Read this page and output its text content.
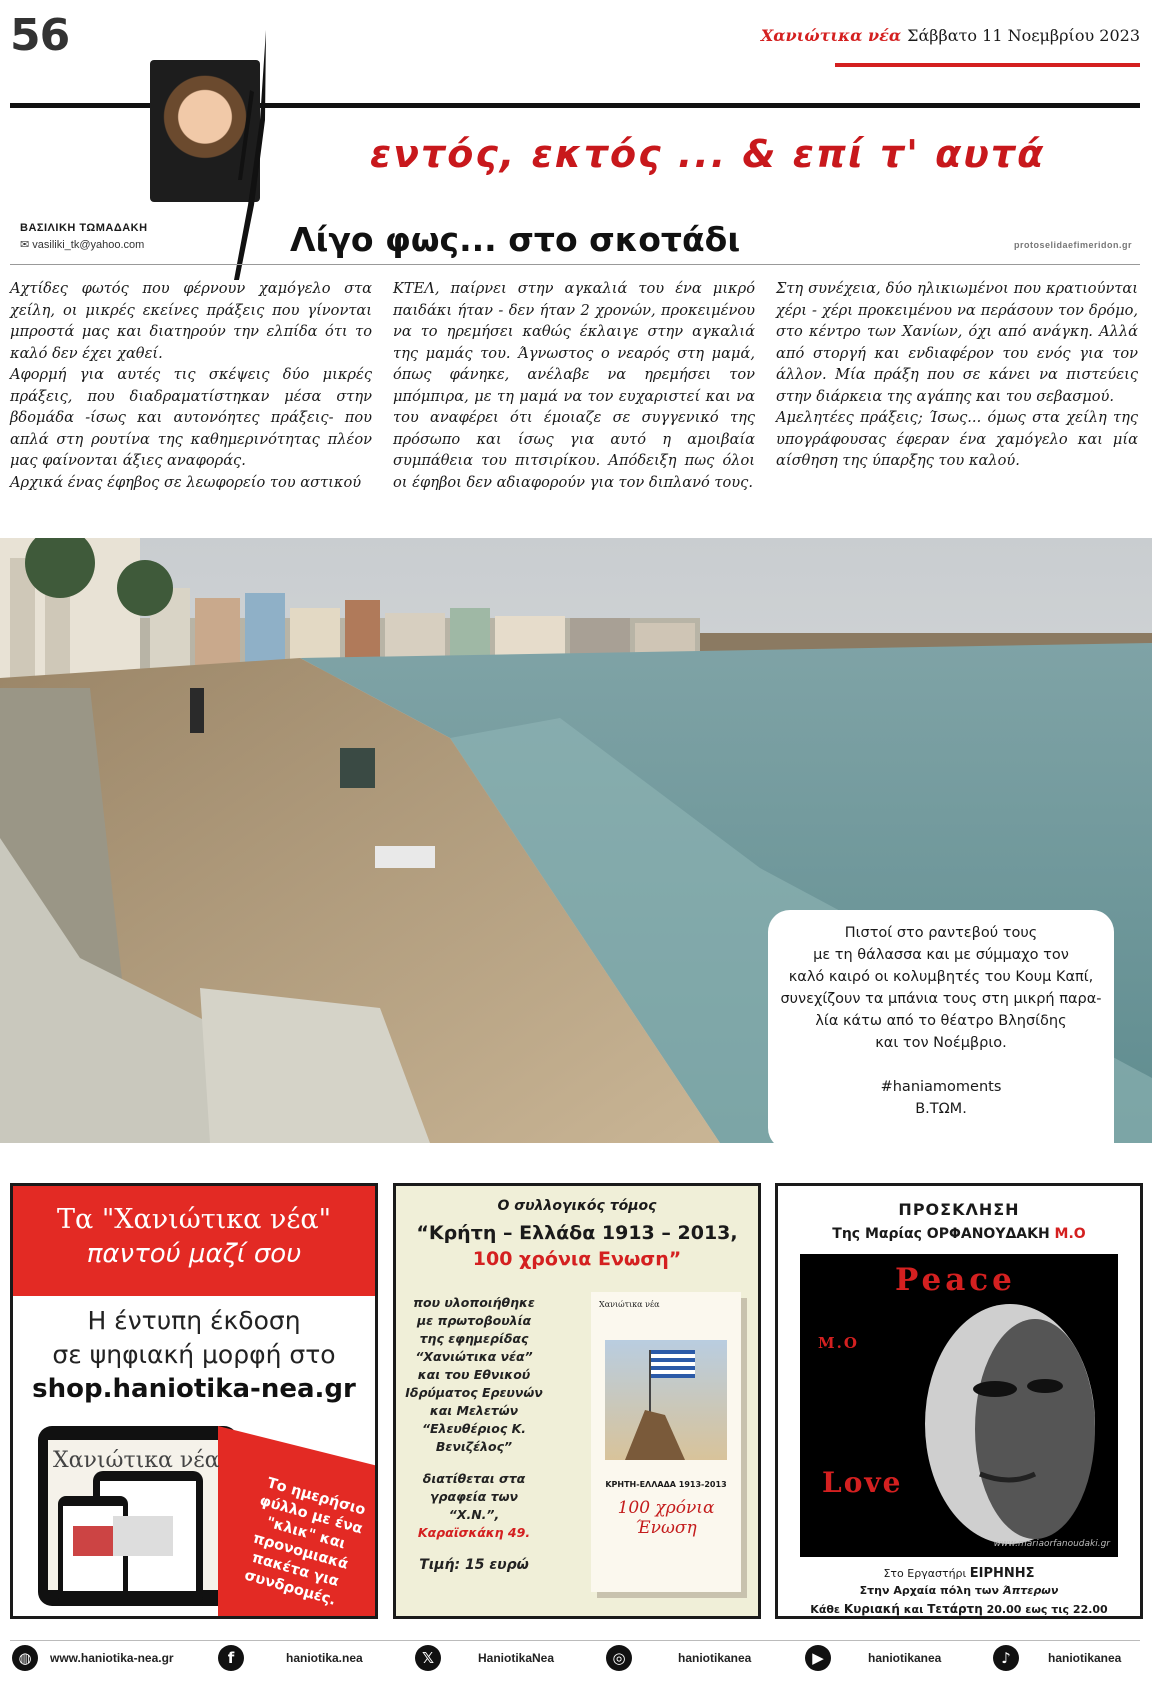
56	Χανιώτικα νέα Σάββατο 11 Νοεμβρίου 2023
εντός, εκτός ... & επί τ' αυτά
ΒΑΣΙΛΙΚΗ ΤΩΜΑΔΑΚΗ
✉ vasiliki_tk@yahoo.com	Λίγο φως... στο σκοτάδι	protoselidaefimeridon.gr

Αχτίδες φωτός που φέρνουν χαμόγελο στα χείλη, οι μικρές εκείνες πράξεις που γίνονται μπροστά μας και διατηρούν την ελπίδα ότι το καλό δεν έχει χαθεί.

Αφορμή για αυτές τις σκέψεις δύο μικρές πράξεις, που διαδραματίστηκαν μέσα στην βδομάδα -ίσως και αυτονόητες πράξεις- που απλά στη ρουτίνα της καθημερινότητας πλέον μας φαίνονται άξιες αναφοράς.

Αρχικά ένας έφηβος σε λεωφορείο του αστικού

ΚΤΕΛ, παίρνει στην αγκαλιά του ένα μικρό παιδάκι ήταν - δεν ήταν 2 χρονών, προκειμένου να το ηρεμήσει καθώς έκλαιγε στην αγκαλιά της μαμάς του. Άγνωστος ο νεαρός στη μαμά, όπως φάνηκε, ανέλαβε να ηρεμήσει τον μπόμπιρα, με τη μαμά να τον ευχαριστεί και να του αναφέρει ότι έμοιαζε σε συγγενικό της πρόσωπο και ίσως για αυτό η αμοιβαία συμπάθεια του πιτσιρίκου. Απόδειξη πως όλοι οι έφηβοι δεν αδιαφορούν για τον διπλανό τους.

Στη συνέχεια, δύο ηλικιωμένοι που κρατιούνται χέρι - χέρι προκειμένου να περάσουν τον δρόμο, στο κέντρο των Χανίων, όχι από ανάγκη. Αλλά από στοργή και ενδιαφέρον του ενός για τον άλλον. Μία πράξη που σε κάνει να πιστεύεις στην διάρκεια της αγάπης και του σεβασμού.

Αμελητέες πράξεις; Ίσως... όμως στα χείλη της υπογράφουσας έφεραν ένα χαμόγελο και μία αίσθηση της ύπαρξης του καλού.

Πιστοί στο ραντεβού τους
με τη θάλασσα και με σύμμαχο τον
καλό καιρό οι κολυμβητές του Κουμ Καπί,
συνεχίζουν τα μπάνια τους στη μικρή παρα-
λία κάτω από το θέατρο Βλησίδης
και τον Νοέμβριο.
#haniamoments
Β.ΤΩΜ.
Τα "Χανιώτικα νέα"
παντού μαζί σου
Η έντυπη έκδοση
σε ψηφιακή μορφή στο
shop.haniotika-nea.gr
Χανιώτικα νέα
Το ημερήσιο φύλλο με ένα "κλικ" και προνομιακά πακέτα για συνδρομές.
Ο συλλογικός τόμος
“Κρήτη – Ελλάδα 1913 – 2013,
100 χρόνια Ενωση”
που υλοποιήθηκε με πρωτοβουλία της εφημερίδας “Χανιώτικα νέα” και του Εθνικού Ιδρύματος Ερευνών και Μελετών “Ελευθέριος Κ. Βενιζέλος”
διατίθεται στα γραφεία των “Χ.Ν.”,
Καραϊσκάκη 49.
Τιμή: 15 ευρώ
Χανιώτικα νέα
ΚΡΗΤΗ-ΕΛΛΑΔΑ 1913-2013
100 χρόνια Ένωση
ΠΡΟΣΚΛΗΣΗ
Της Μαρίας ΟΡΦΑΝΟΥΔΑΚΗ M.O
Peace
M.O
Love
www.mariaorfanoudaki.gr
Στο Εργαστήρι ΕΙΡΗΝΗΣ
Στην Αρχαία πόλη των Άπτερων
Κάθε Κυριακή και Τετάρτη 20.00 εως τις 22.00
◍	www.haniotika-nea.gr	f	haniotika.nea	𝕏	HaniotikaNea	◎	haniotikanea	▶	haniotikanea	♪	haniotikanea
